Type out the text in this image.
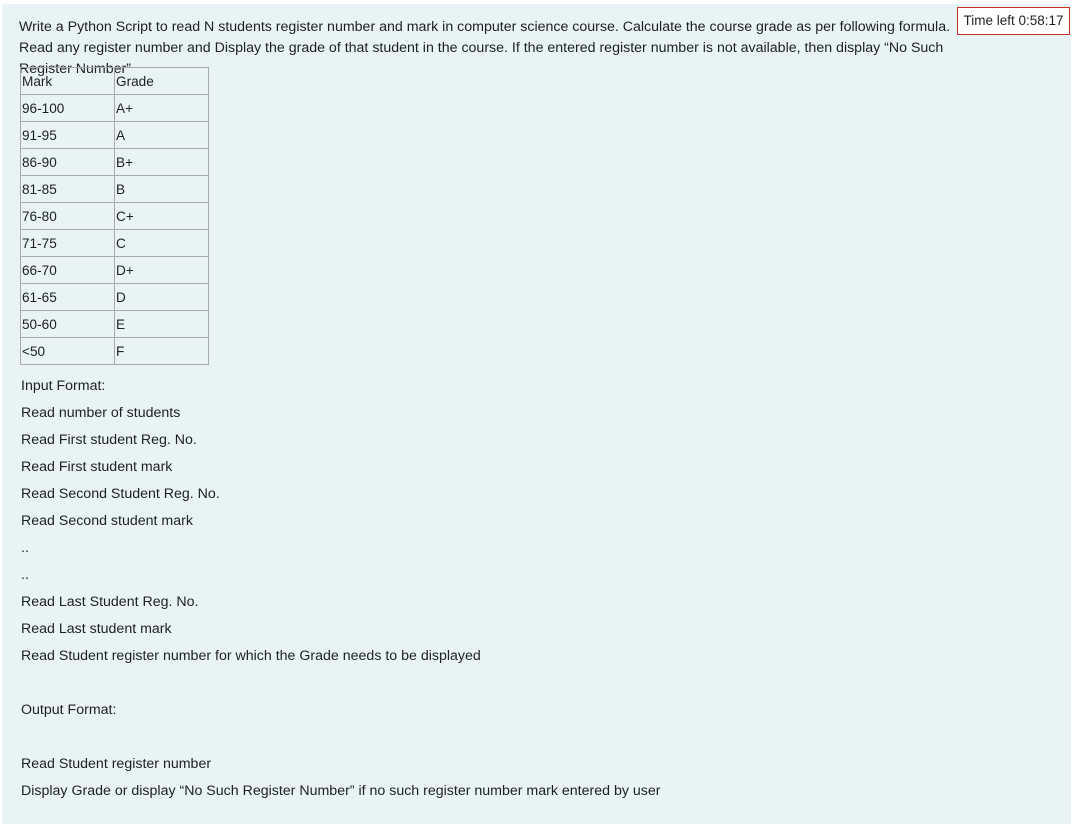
Write a Python Script to read N students register number and mark in computer science course. Calculate the course grade as per following formula. Read any register number and Display the grade of that student in the course. If the entered register number is not available, then display “No Such Register Number”

Time left 0:58:17
Mark	Grade
96-100	A+
91-95	A
86-90	B+
81-85	B
76-80	C+
71-75	C
66-70	D+
61-65	D
50-60	E
<50	F

Input Format:

Read number of students

Read First student Reg. No.

Read First student mark

Read Second Student Reg. No.

Read Second student mark

..

..

Read Last Student Reg. No.

Read Last student mark

Read Student register number for which the Grade needs to be displayed

Output Format:

Read Student register number

Display Grade or display “No Such Register Number” if no such register number mark entered by user
